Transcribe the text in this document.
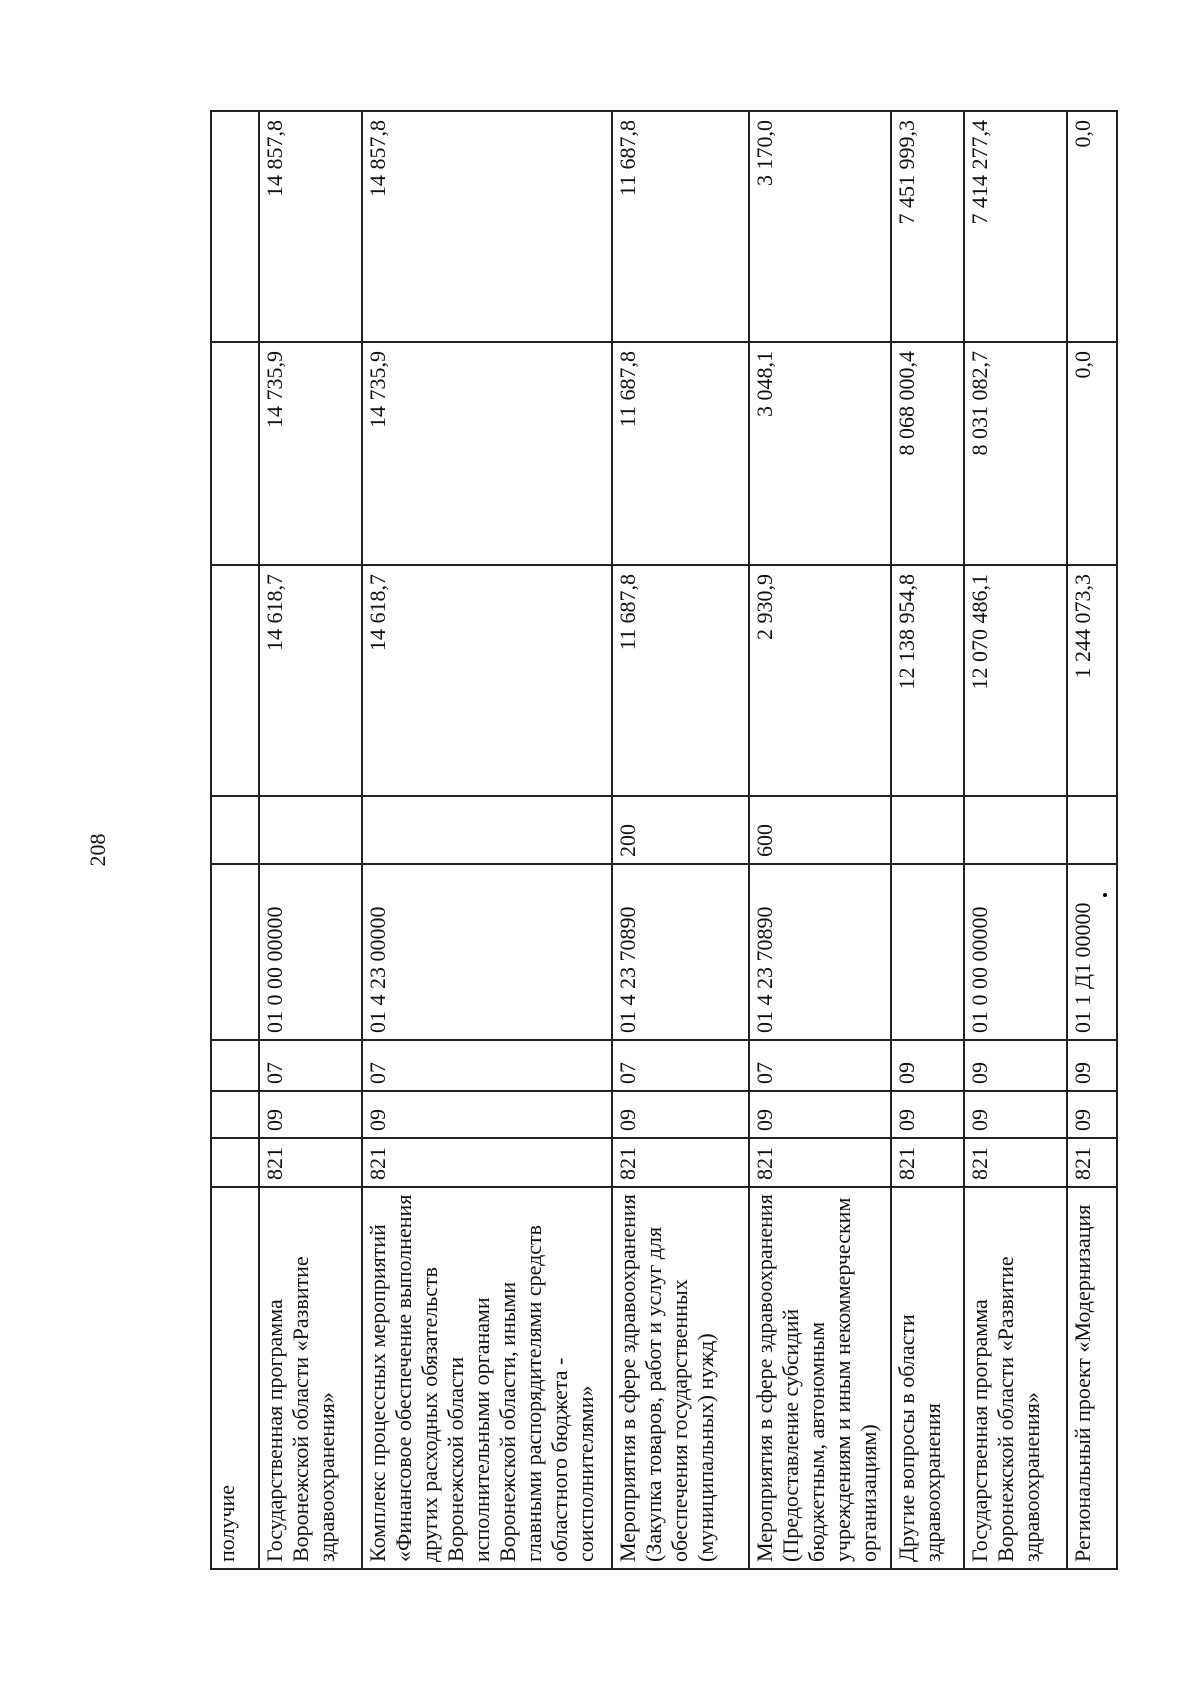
208
получие								
Государственная программа Воронежской области «Развитие здравоохранения»	821	09	07	01 0 00 00000		14 618,7	14 735,9	14 857,8
Комплекс процессных мероприятий «Финансовое обеспечение выполнения других расходных обязательств Воронежской области исполнительными органами Воронежской области, иными главными распорядителями средств областного бюджета - соисполнителями»	821	09	07	01 4 23 00000		14 618,7	14 735,9	14 857,8
Мероприятия в сфере здравоохранения (Закупка товаров, работ и услуг для обеспечения государственных (муниципальных) нужд)	821	09	07	01 4 23 70890	200	11 687,8	11 687,8	11 687,8
Мероприятия в сфере здравоохранения (Предоставление субсидий бюджетным, автономным учреждениям и иным некоммерческим организациям)	821	09	07	01 4 23 70890	600	2 930,9	3 048,1	3 170,0
Другие вопросы в области здравоохранения	821	09	09			12 138 954,8	8 068 000,4	7 451 999,3
Государственная программа Воронежской области «Развитие здравоохранения»	821	09	09	01 0 00 00000		12 070 486,1	8 031 082,7	7 414 277,4
Региональный проект «Модернизация	821	09	09	01 1 Д1 00000		1 244 073,3	0,0	0,0
